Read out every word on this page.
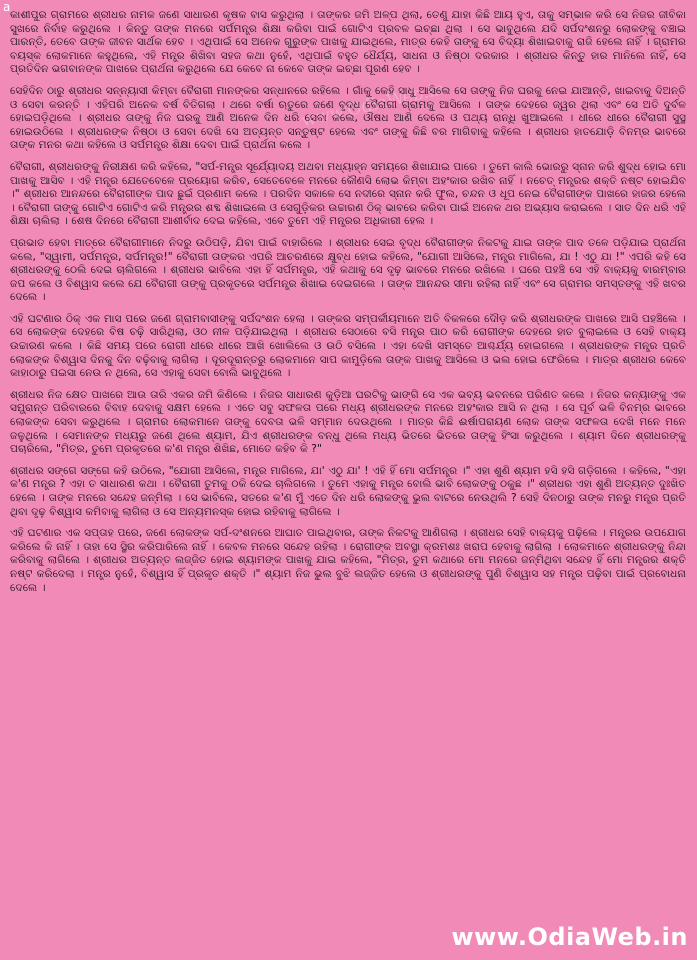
a
www.OdiaWeb.in

କାଶୀପୁର ଗ୍ରାମରେ ଶ୍ରୀଧର ନାମକ ଜଣେ ସାଧାରଣ କୃଷକ ବାସ କରୁଥିଲା । ତାଙ୍କର ଜମି ଅଳ୍ପ ଥିଲା, ତେଣୁ ଯାହା କିଛି ଆୟ ହୁଏ, ତାକୁ ସମ୍ଭାଳ କରି ସେ ନିଜର ଜୀବିକା ସୁଖରେ ନିର୍ବାହ କରୁଥିଲେ । କିନ୍ତୁ ତାଙ୍କ ମନରେ ସର୍ପମନ୍ତ୍ର ଶିକ୍ଷା କରିବା ପାଇଁ ଗୋଟିଏ ପ୍ରବଳ ଇଚ୍ଛା ଥିଲା । ସେ ଭାବୁଥିଲେ ଯଦି ସର୍ପଦଂଶନରୁ ଲୋକଙ୍କୁ ବଞ୍ଚାଇ ପାରନ୍ତି, ତେବେ ତାଙ୍କ ଜୀବନ ସାର୍ଥକ ହେବ । ଏଥିପାଇଁ ସେ ଅନେକ ଗୁରୁଙ୍କ ପାଖକୁ ଯାଇଥିଲେ, ମାତ୍ର କେହି ତାଙ୍କୁ ସେ ବିଦ୍ୟା ଶିଖାଇବାକୁ ରାଜି ହେଲେ ନାହିଁ । ଗ୍ରାମର ବୟସ୍କ ଲୋକମାନେ କହୁଥିଲେ, ଏହି ମନ୍ତ୍ର ଶିଖିବା ସହଜ କଥା ନୁହେଁ, ଏଥିପାଇଁ ବହୁତ ଧୈର୍ଯ୍ୟ, ସାଧନା ଓ ନିଷ୍ଠା ଦରକାର । ଶ୍ରୀଧର କିନ୍ତୁ ହାର ମାନିଲେ ନାହିଁ, ସେ ପ୍ରତିଦିନ ଭଗବାନଙ୍କ ପାଖରେ ପ୍ରାର୍ଥନା କରୁଥିଲେ ଯେ କେବେ ନା କେବେ ତାଙ୍କ ଇଚ୍ଛା ପୂରଣ ହେବ ।

ସେହିଦିନ ଠାରୁ ଶ୍ରୀଧର ସନ୍ନ୍ୟାସୀ କିମ୍ବା ବୈରାଗୀ ମାନଙ୍କର ସନ୍ଧାନରେ ରହିଲେ । ଗାଁକୁ କେହି ସାଧୁ ଆସିଲେ ସେ ତାଙ୍କୁ ନିଜ ଘରକୁ ନେଇ ଯାଆନ୍ତି, ଖାଇବାକୁ ଦିଅନ୍ତି ଓ ସେବା କରନ୍ତି । ଏହିପରି ଅନେକ ବର୍ଷ ବିତିଗଲା । ଥରେ ବର୍ଷା ଋତୁରେ ଜଣେ ବୃଦ୍ଧ ବୈରାଗୀ ଗ୍ରାମକୁ ଆସିଲେ । ତାଙ୍କ ଦେହରେ ଜ୍ୱର ଥିଲା ଏବଂ ସେ ଅତି ଦୁର୍ବଳ ହୋଇପଡ଼ିଥିଲେ । ଶ୍ରୀଧର ତାଙ୍କୁ ନିଜ ଘରକୁ ଆଣି ଅନେକ ଦିନ ଧରି ସେବା କଲେ, ଔଷଧ ଆଣି ଦେଲେ ଓ ପଥ୍ୟ ରାନ୍ଧି ଖୁଆଇଲେ । ଧୀରେ ଧୀରେ ବୈରାଗୀ ସୁସ୍ଥ ହୋଇଉଠିଲେ । ଶ୍ରୀଧରଙ୍କ ନିଷ୍ଠା ଓ ସେବା ଦେଖି ସେ ଅତ୍ୟନ୍ତ ସନ୍ତୁଷ୍ଟ ହେଲେ ଏବଂ ତାଙ୍କୁ କିଛି ବର ମାଗିବାକୁ କହିଲେ । ଶ୍ରୀଧର ହାତଯୋଡ଼ି ବିନମ୍ର ଭାବରେ ତାଙ୍କ ମନର କଥା କହିଲେ ଓ ସର୍ପମନ୍ତ୍ର ଶିକ୍ଷା ଦେବା ପାଇଁ ପ୍ରାର୍ଥନା କଲେ ।

ବୈରାଗୀ, ଶ୍ରୀଧରଙ୍କୁ ନିରୀକ୍ଷଣ କରି କହିଲେ, "ସର୍ପ-ମନ୍ତ୍ର ସୂର୍ଯ୍ୟୋଦୟ ଅଥବା ମଧ୍ୟାହ୍ନ ସମୟରେ ଶିଖାଯାଇ ପାରେ । ତୁମେ କାଲି ଭୋରରୁ ସ୍ନାନ କରି ଶୁଦ୍ଧ ହୋଇ ମୋ ପାଖକୁ ଆସିବ । ଏହି ମନ୍ତ୍ର ଯେତେବେଳେ ପ୍ରୟୋଗ କରିବ, ସେତେବେଳେ ମନରେ କୌଣସି ଲୋଭ କିମ୍ବା ଅହଂକାର ରଖିବ ନାହିଁ । ନଚେତ୍ ମନ୍ତ୍ରର ଶକ୍ତି ନଷ୍ଟ ହୋଇଯିବ ।" ଶ୍ରୀଧର ଆନନ୍ଦରେ ବୈରାଗୀଙ୍କ ପାଦ ଛୁଇଁ ପ୍ରଣାମ କଲେ । ପରଦିନ ସକାଳେ ସେ ନଦୀରେ ସ୍ନାନ କରି ଫୁଲ, ଚନ୍ଦନ ଓ ଧୂପ ନେଇ ବୈରାଗୀଙ୍କ ପାଖରେ ହାଜର ହେଲେ । ବୈରାଗୀ ତାଙ୍କୁ ଗୋଟିଏ ଗୋଟିଏ କରି ମନ୍ତ୍ରର ଶବ୍ଦ ଶିଖାଇଲେ ଓ ସେଗୁଡ଼ିକର ଉଚ୍ଚାରଣ ଠିକ୍ ଭାବରେ କରିବା ପାଇଁ ଅନେକ ଥର ଅଭ୍ୟାସ କରାଇଲେ । ସାତ ଦିନ ଧରି ଏହି ଶିକ୍ଷା ଚାଲିଲା । ଶେଷ ଦିନରେ ବୈରାଗୀ ଆଶୀର୍ବାଦ ଦେଇ କହିଲେ, ଏବେ ତୁମେ ଏହି ମନ୍ତ୍ରର ଅଧିକାରୀ ହେଲ ।

ପ୍ରଭାତ ହେବା ମାତ୍ରେ ବୈରାଗୀମାନେ ନିଦରୁ ଉଠିପଡ଼ି, ଯିବା ପାଇଁ ବାହାରିଲେ । ଶ୍ରୀଧର ସେଇ ବୃଦ୍ଧ ବୈରାଗୀଙ୍କ ନିକଟକୁ ଯାଇ ତାଙ୍କ ପାଦ ତଳେ ପଡ଼ିଯାଇ ପ୍ରାର୍ଥନା କଲେ, "ସ୍ୱାମୀ, ସର୍ପମନ୍ତ୍ର, ସର୍ପମନ୍ତ୍ର!" ବୈରାଗୀ ତାଙ୍କର ଏପରି ଆଚରଣରେ କ୍ଷୁବ୍ଧ ହୋଇ କହିଲେ, "ଯୋଗୀ ଆସିଲେ, ମନ୍ତ୍ର ମାଗିଲେ, ଯା ! ଏଠୁ ଯା !" ଏପରି କହି ସେ ଶ୍ରୀଧରଙ୍କୁ ଠେଲି ଦେଇ ଚାଲିଗଲେ । ଶ୍ରୀଧର ଭାବିଲେ ଏହା ହିଁ ସର୍ପମନ୍ତ୍ର, ଏହି କଥାକୁ ସେ ଦୃଢ଼ ଭାବରେ ମନରେ ରଖିଲେ । ଘରେ ପହଞ୍ଚି ସେ ଏହି ବାକ୍ୟକୁ ବାରମ୍ବାର ଜପ କଲେ ଓ ବିଶ୍ୱାସ କଲେ ଯେ ବୈରାଗୀ ତାଙ୍କୁ ପ୍ରକୃତରେ ସର୍ପମନ୍ତ୍ର ଶିଖାଇ ଦେଇଗଲେ । ତାଙ୍କ ଆନନ୍ଦର ସୀମା ରହିଲା ନାହିଁ ଏବଂ ସେ ଗ୍ରାମର ସମସ୍ତଙ୍କୁ ଏହି ଖବର ଦେଲେ ।

ଏହି ଘଟଣାର ଠିକ୍ ଏକ ମାସ ପରେ ଜଣେ ଗ୍ରାମବାସୀଙ୍କୁ ସର୍ପଦଂଶନ ହେଲା । ତାଙ୍କର ସମ୍ପର୍କୀୟମାନେ ଅତି ବିକଳରେ ଦୌଡ଼ କରି ଶ୍ରୀଧରଙ୍କ ପାଖରେ ଆସି ପହଞ୍ଚିଲେ । ସେ ଲୋକଙ୍କ ଦେହରେ ବିଷ ଚଢ଼ି ସାରିଥିଲା, ଓଠ ନୀଳ ପଡ଼ିଯାଇଥିଲା । ଶ୍ରୀଧର ସେଠାରେ ବସି ମନ୍ତ୍ର ପାଠ କରି ରୋଗୀଙ୍କ ଦେହରେ ହାତ ବୁଲାଇଲେ ଓ ସେହି ବାକ୍ୟ ଉଚ୍ଚାରଣ କଲେ । କିଛି ସମୟ ପରେ ରୋଗୀ ଧୀରେ ଧୀରେ ଆଖି ଖୋଲିଲେ ଓ ଉଠି ବସିଲେ । ଏହା ଦେଖି ସମସ୍ତେ ଆଶ୍ଚର୍ଯ୍ୟ ହୋଇଗଲେ । ଶ୍ରୀଧରଙ୍କ ମନ୍ତ୍ର ପ୍ରତି ଲୋକଙ୍କ ବିଶ୍ୱାସ ଦିନକୁ ଦିନ ବଢ଼ିବାକୁ ଲାଗିଲା । ଦୂରଦୂରାନ୍ତରୁ ଲୋକମାନେ ସାପ କାମୁଡ଼ିଲେ ତାଙ୍କ ପାଖକୁ ଆସିଲେ ଓ ଭଲ ହୋଇ ଫେରିଲେ । ମାତ୍ର ଶ୍ରୀଧର କେବେ କାହାଠାରୁ ପଇସା ନେଉ ନ ଥିଲେ, ସେ ଏହାକୁ ସେବା ବୋଲି ଭାବୁଥିଲେ ।

ଶ୍ରୀଧର ନିଜ କ୍ଷେତ ପାଖରେ ଆଉ ତାରି ଏକର ଜମି କିଣିଲେ । ନିଜର ସାଧାରଣ କୁଡ଼ିଆ ଘରଟିକୁ ଭାଙ୍ଗି ସେ ଏକ ଭବ୍ୟ ଭବନରେ ପରିଣତ କଲେ । ନିଜର କନ୍ୟାଙ୍କୁ ଏକ ସମ୍ଭ୍ରାନ୍ତ ପରିବାରରେ ବିବାହ ଦେବାକୁ ସକ୍ଷମ ହେଲେ । ଏତେ ସବୁ ସଫଳତା ପରେ ମଧ୍ୟ ଶ୍ରୀଧରଙ୍କ ମନରେ ଅହଂକାର ଆସି ନ ଥିଲା । ସେ ପୂର୍ବ ଭଳି ବିନମ୍ର ଭାବରେ ଲୋକଙ୍କ ସେବା କରୁଥିଲେ । ଗ୍ରାମର ଲୋକମାନେ ତାଙ୍କୁ ଦେବତା ଭଳି ସମ୍ମାନ ଦେଉଥିଲେ । ମାତ୍ର କିଛି ଈର୍ଷାପରାୟଣ ଲୋକ ତାଙ୍କ ସଫଳତା ଦେଖି ମନେ ମନେ ଜଳୁଥିଲେ । ସେମାନଙ୍କ ମଧ୍ୟରୁ ଜଣେ ଥିଲେ ଶ୍ୟାମ, ଯିଏ ଶ୍ରୀଧରଙ୍କ ବନ୍ଧୁ ଥିଲେ ମଧ୍ୟ ଭିତରେ ଭିତରେ ତାଙ୍କୁ ହିଂସା କରୁଥିଲେ । ଶ୍ୟାମ ଦିନେ ଶ୍ରୀଧରଙ୍କୁ ପଚାରିଲେ, "ମିତ୍ର, ତୁମେ ପ୍ରକୃତରେ କ'ଣ ମନ୍ତ୍ର ଶିଖିଛ, ମୋତେ କହିବ କି ?"

ଶ୍ରୀଧର ସଙ୍ଗେ ସଙ୍ଗେ କହି ଉଠିଲେ, "ଯୋଗୀ ଆସିଲେ, ମନ୍ତ୍ର ମାଗିଲେ, ଯା' ଏଠୁ ଯା' ! ଏହି ହିଁ ମୋ ସର୍ପମନ୍ତ୍ର ।" ଏହା ଶୁଣି ଶ୍ୟାମ ହସି ହସି ଗଡ଼ିଗଲେ । କହିଲେ, "ଏହା କ'ଣ ମନ୍ତ୍ର ? ଏହା ତ ସାଧାରଣ କଥା । ବୈରାଗୀ ତୁମକୁ ଠକି ଦେଇ ଚାଲିଗଲେ । ତୁମେ ଏହାକୁ ମନ୍ତ୍ର ବୋଲି ଭାବି ଲୋକଙ୍କୁ ଠକୁଛ ।" ଶ୍ରୀଧର ଏହା ଶୁଣି ଅତ୍ୟନ୍ତ ଦୁଃଖିତ ହେଲେ । ତାଙ୍କ ମନରେ ସନ୍ଦେହ ଜନ୍ମିଲା । ସେ ଭାବିଲେ, ସତରେ କ'ଣ ମୁଁ ଏତେ ଦିନ ଧରି ଲୋକଙ୍କୁ ଭୁଲ ବାଟରେ ନେଉଥିଲି ? ସେହି ଦିନଠାରୁ ତାଙ୍କ ମନରୁ ମନ୍ତ୍ର ପ୍ରତି ଥିବା ଦୃଢ଼ ବିଶ୍ୱାସ କମିବାକୁ ଲାଗିଲା ଓ ସେ ଅନ୍ୟମନସ୍କ ହୋଇ ରହିବାକୁ ଲାଗିଲେ ।

ଏହି ଘଟଣାର ଏକ ସପ୍ତାହ ପରେ, ଜଣେ ଲୋକଙ୍କ ସର୍ପ-ଦଂଶନରେ ଆଘାତ ପାଇଥିବାର, ତାଙ୍କ ନିକଟକୁ ଆଣିଗଲା । ଶ୍ରୀଧର ସେହି ବାକ୍ୟକୁ ପଢ଼ିଲେ । ମନ୍ତ୍ରର ଉପଯୋଗ କରିଲେ କି ନାହିଁ । ତାହା ସେ ସ୍ଥିର କରିପାରିଲେ ନାହିଁ । କେବଳ ମନରେ ସନ୍ଦେହ ରହିଲା । ରୋଗୀଙ୍କ ଅବସ୍ଥା କ୍ରମଶଃ ଖରାପ ହେବାକୁ ଲାଗିଲା । ଲୋକମାନେ ଶ୍ରୀଧରଙ୍କୁ ନିନ୍ଦା କରିବାକୁ ଲାଗିଲେ । ଶ୍ରୀଧର ଅତ୍ୟନ୍ତ ଲଜ୍ଜିତ ହୋଇ ଶ୍ୟାମଙ୍କ ପାଖକୁ ଯାଇ କହିଲେ, "ମିତ୍ର, ତୁମ କଥାରେ ମୋ ମନରେ ଜନ୍ମିଥିବା ସନ୍ଦେହ ହିଁ ମୋ ମନ୍ତ୍ରର ଶକ୍ତି ନଷ୍ଟ କରିଦେଲା । ମନ୍ତ୍ର ନୁହେଁ, ବିଶ୍ୱାସ ହିଁ ପ୍ରକୃତ ଶକ୍ତି ।" ଶ୍ୟାମ ନିଜ ଭୁଲ ବୁଝି ଲଜ୍ଜିତ ହେଲେ ଓ ଶ୍ରୀଧରଙ୍କୁ ପୁଣି ବିଶ୍ୱାସ ସହ ମନ୍ତ୍ର ପଢ଼ିବା ପାଇଁ ପ୍ରବୋଧନା ଦେଲେ ।

www.OdiaWeb.in
